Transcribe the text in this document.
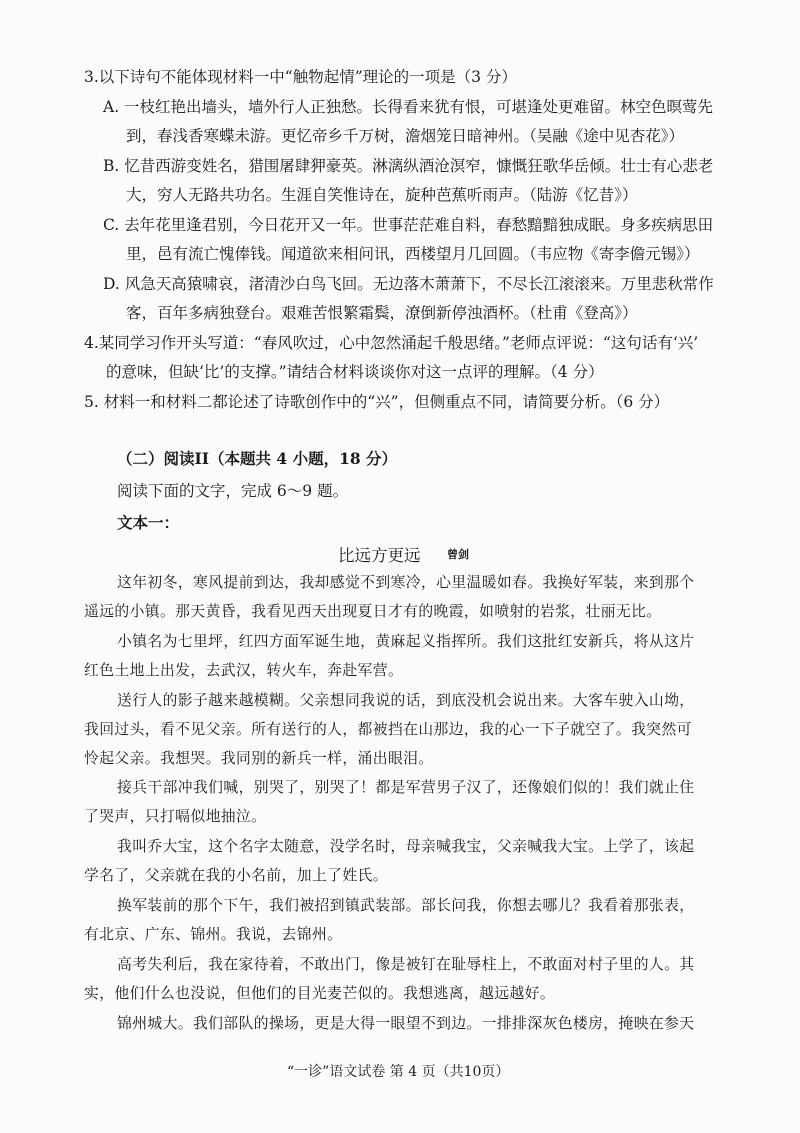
3.以下诗句不能体现材料一中“触物起情”理论的一项是（3 分）
A. 一枝红艳出墙头，墙外行人正独愁。长得看来犹有恨，可堪逢处更难留。林空色暝莺先
到，春浅香寒蝶未游。更忆帝乡千万树，澹烟笼日暗神州。（吴融《途中见杏花》）
B. 忆昔西游变姓名，猎围屠肆狎豪英。淋漓纵酒沧溟窄，慷慨狂歌华岳倾。壮士有心悲老
大，穷人无路共功名。生涯自笑惟诗在，旋种芭蕉听雨声。（陆游《忆昔》）
C. 去年花里逢君别，今日花开又一年。世事茫茫难自料，春愁黯黯独成眠。身多疾病思田
里，邑有流亡愧俸钱。闻道欲来相问讯，西楼望月几回圆。（韦应物《寄李儋元锡》）
D. 风急天高猿啸哀，渚清沙白鸟飞回。无边落木萧萧下，不尽长江滚滚来。万里悲秋常作
客，百年多病独登台。艰难苦恨繁霜鬓，潦倒新停浊酒杯。（杜甫《登高》）
4.某同学习作开头写道：“春风吹过，心中忽然涌起千般思绪。”老师点评说：“这句话有‘兴’
的意味，但缺‘比’的支撑。”请结合材料谈谈你对这一点评的理解。（4 分）
5. 材料一和材料二都论述了诗歌创作中的“兴”，但侧重点不同，请简要分析。（6 分）
（二）阅读II（本题共 4 小题，18 分）
阅读下面的文字，完成 6～9 题。
文本一：
比远方更远 曾剑
这年初冬，寒风提前到达，我却感觉不到寒冷，心里温暖如春。我换好军装，来到那个
遥远的小镇。那天黄昏，我看见西天出现夏日才有的晚霞，如喷射的岩浆，壮丽无比。
小镇名为七里坪，红四方面军诞生地，黄麻起义指挥所。我们这批红安新兵，将从这片
红色土地上出发，去武汉，转火车，奔赴军营。
送行人的影子越来越模糊。父亲想同我说的话，到底没机会说出来。大客车驶入山坳，
我回过头，看不见父亲。所有送行的人，都被挡在山那边，我的心一下子就空了。我突然可
怜起父亲。我想哭。我同别的新兵一样，涌出眼泪。
接兵干部冲我们喊，别哭了，别哭了！都是军营男子汉了，还像娘们似的！我们就止住
了哭声，只打嗝似地抽泣。
我叫乔大宝，这个名字太随意，没学名时，母亲喊我宝，父亲喊我大宝。上学了，该起
学名了，父亲就在我的小名前，加上了姓氏。
换军装前的那个下午，我们被招到镇武装部。部长问我，你想去哪儿？我看着那张表，
有北京、广东、锦州。我说，去锦州。
高考失利后，我在家待着，不敢出门，像是被钉在耻辱柱上，不敢面对村子里的人。其
实，他们什么也没说，但他们的目光麦芒似的。我想逃离，越远越好。
锦州城大。我们部队的操场，更是大得一眼望不到边。一排排深灰色楼房，掩映在参天
“一诊”语文试卷 第 4 页（共10页）
